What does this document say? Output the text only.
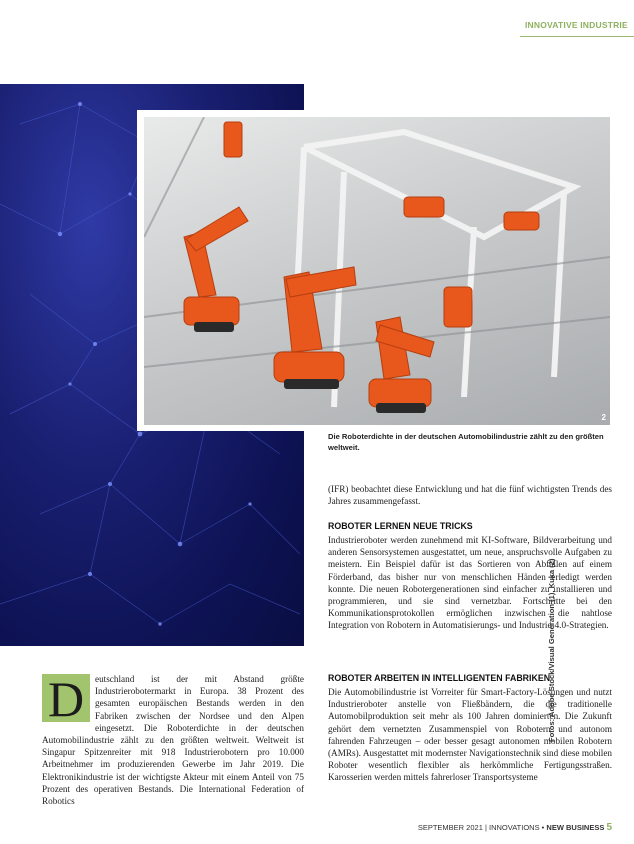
INNOVATIVE INDUSTRIE
2
Die Roboterdichte in der deutschen Automobilindustrie zählt zu den größten weltweit.

(IFR) beobachtet diese Entwicklung und hat die fünf wichtigsten Trends des Jahres zusammengefasst.

ROBOTER LERNEN NEUE TRICKS

Industrieroboter werden zunehmend mit KI-Software, Bildverarbeitung und anderen Sensorsystemen ausgestattet, um neue, anspruchsvolle Aufgaben zu meistern. Ein Beispiel dafür ist das Sortieren von Abfällen auf einem Förderband, das bisher nur von menschlichen Händen erledigt werden konnte. Die neuen Robotergenerationen sind einfacher zu installieren und programmieren, und sie sind vernetzbar. Fortschritte bei den Kommunikationsprotokollen ermöglichen inzwischen die nahtlose Integration von Robotern in Automatisierungs- und Industrie-4.0-Strategien.

ROBOTER ARBEITEN IN INTELLIGENTEN FABRIKEN

Die Automobilindustrie ist Vorreiter für Smart-Factory-Lösungen und nutzt Industrieroboter anstelle von Fließbändern, die die traditionelle Automobilproduktion seit mehr als 100 Jahren dominierten. Die Zukunft gehört dem vernetzten Zusammenspiel von Robotern und autonom fahrenden Fahrzeugen – oder besser gesagt autonomen mobilen Robotern (AMRs). Ausgestattet mit modernster Navigationstechnik sind diese mobilen Roboter wesentlich flexibler als herkömmliche Fertigungsstraßen. Karosserien werden mittels fahrerloser Transportsysteme

D	eutschland ist der mit Abstand größte Industrierobotermarkt in Europa. 38 Prozent des gesamten europäischen Bestands werden in den Fabriken zwischen der Nordsee und den Alpen eingesetzt. Die Roboterdichte in der deutschen Automobilindustrie zählt zu den größten weltweit. Weltweit ist Singapur Spitzenreiter mit 918 Industrierobotern pro 10.000 Arbeitnehmer im produzierenden Gewerbe im Jahr 2019. Die Elektronikindustrie ist der wichtigste Akteur mit einem Anteil von 75 Prozent des operativen Bestands. Die International Federation of Robotics
Fotos: Adobe Stock/Visual Generation (1), Kuka (2)
SEPTEMBER 2021 | INNOVATIONS • NEW BUSINESS 5
